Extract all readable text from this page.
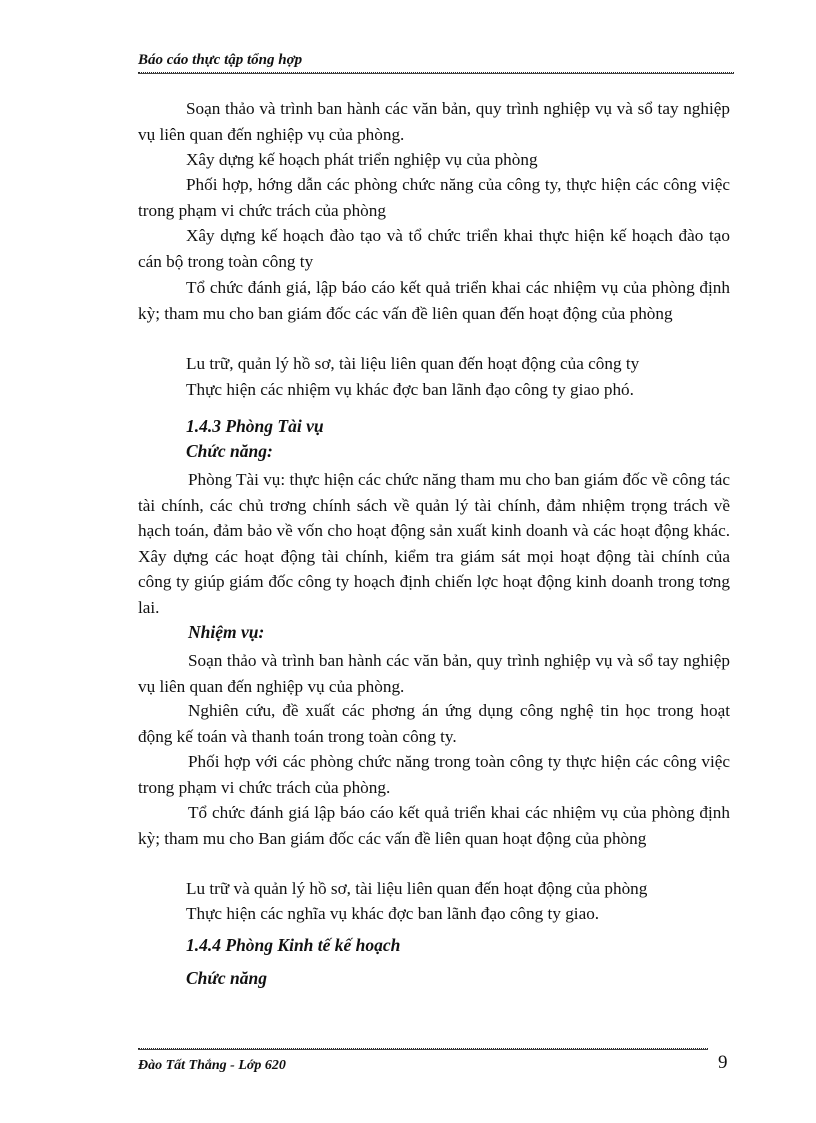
Báo cáo thực tập tổng hợp
Soạn thảo và trình ban hành các văn bản, quy trình nghiệp vụ và sổ tay nghiệp vụ liên quan đến nghiệp vụ của phòng.
Xây dựng kế hoạch phát triển nghiệp vụ của phòng
Phối hợp, hớng dẫn các phòng chức năng của công ty, thực hiện các công việc trong phạm vi chức trách của phòng
Xây dựng kế hoạch đào tạo và tổ chức triển khai thực hiện kế hoạch đào tạo cán bộ trong toàn công ty
Tổ chức đánh giá, lập báo cáo kết quả triển khai các nhiệm vụ của phòng định kỳ; tham mu cho ban giám đốc các vấn đề liên quan đến hoạt động của phòng
Lu trữ, quản lý hồ sơ, tài liệu liên quan đến hoạt động của công ty
Thực hiện các nhiệm vụ khác đợc ban lãnh đạo công ty giao phó.
1.4.3 Phòng Tài vụ
Chức năng:
Phòng Tài vụ: thực hiện các chức năng tham mu cho ban giám đốc về công tác tài chính, các chủ trơng chính sách về quản lý tài chính, đảm nhiệm trọng trách về hạch toán, đảm bảo về vốn cho hoạt động sản xuất kinh doanh và các hoạt động khác. Xây dựng các hoạt động tài chính, kiểm tra giám sát mọi hoạt động tài chính của công ty giúp giám đốc công ty hoạch định chiến lợc hoạt động kinh doanh trong tơng lai.
Nhiệm vụ:
Soạn thảo và trình ban hành các văn bản, quy trình nghiệp vụ và sổ tay nghiệp vụ liên quan đến nghiệp vụ của phòng.
Nghiên cứu, đề xuất các phơng án ứng dụng công nghệ tin học trong hoạt động kế toán và thanh toán trong toàn công ty.
Phối hợp với các phòng chức năng trong toàn công ty thực hiện các công việc trong phạm vi chức trách của phòng.
Tổ chức đánh giá lập báo cáo kết quả triển khai các nhiệm vụ của phòng định kỳ; tham mu cho Ban giám đốc các vấn đề liên quan hoạt động của phòng
Lu trữ và quản lý hồ sơ, tài liệu liên quan đến hoạt động của phòng
Thực hiện các nghĩa vụ khác đợc ban lãnh đạo công ty giao.
1.4.4 Phòng Kinh tế kế hoạch
Chức năng
Đào Tất Thắng - Lớp 620	9
